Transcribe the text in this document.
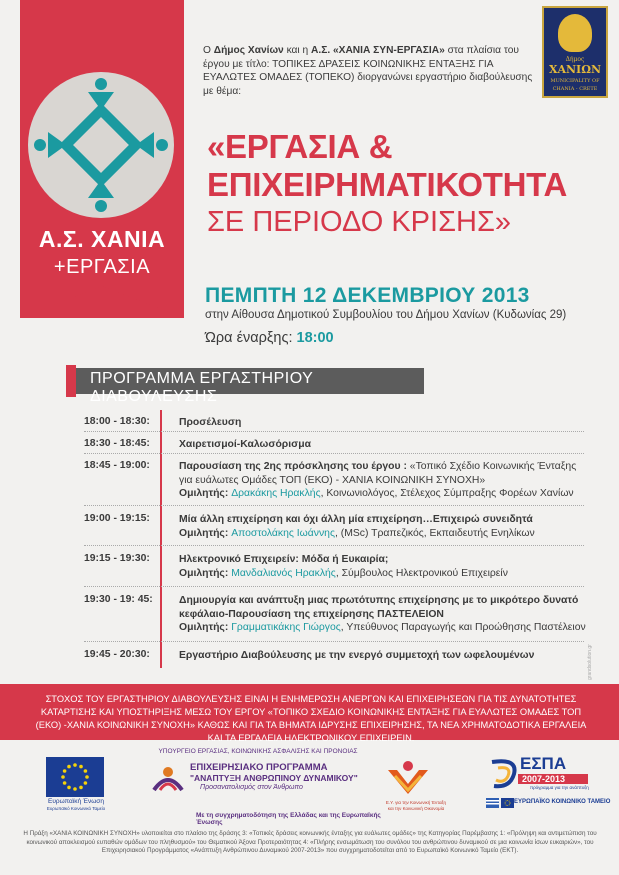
Α.Σ. ΧΑΝΙΑ
+ΕΡΓΑΣΙΑ
Δήμος
ΧΑΝΙΩΝ
MUNICIPALITY OF
CHANIA - CRETE
Ο Δήμος Χανίων και η Α.Σ. «ΧΑΝΙΑ ΣΥΝ-ΕΡΓΑΣΙΑ» στα πλαίσια του έργου με τίτλο: ΤΟΠΙΚΕΣ ΔΡΑΣΕΙΣ ΚΟΙΝΩΝΙΚΗΣ ΕΝΤΑΞΗΣ ΓΙΑ ΕΥΑΛΩΤΕΣ ΟΜΑΔΕΣ (ΤΟΠΕΚΟ) διοργανώνει εργαστήριο διαβούλευσης με θέμα:
«ΕΡΓΑΣΙΑ &
ΕΠΙΧΕΙΡΗΜΑΤΙΚΟΤΗΤΑ
ΣΕ ΠΕΡΙΟΔΟ ΚΡΙΣΗΣ»
ΠΕΜΠΤΗ 12 ΔΕΚΕΜΒΡΙΟΥ 2013
στην Αίθουσα Δημοτικού Συμβουλίου του Δήμου Χανίων (Κυδωνίας 29)
Ώρα έναρξης: 18:00
ΠΡΟΓΡΑΜΜΑ ΕΡΓΑΣΤΗΡΙΟΥ ΔΙΑΒΟΥΛΕΥΣΗΣ
18:00 - 18:30:	Προσέλευση
18:30 - 18:45:	Χαιρετισμοί-Καλωσόρισμα
18:45 - 19:00:	Παρουσίαση της 2ης πρόσκλησης του έργου : «Τοπικό Σχέδιο Κοινωνικής Ένταξης για ευάλωτες Ομάδες ΤΟΠ (ΕΚΟ) - ΧΑΝΙΑ ΚΟΙΝΩΝΙΚΗ ΣΥΝΟΧΗ»
Ομιλητής: Δρακάκης Ηρακλής, Κοινωνιολόγος, Στέλεχος Σύμπραξης Φορέων Χανίων
19:00 - 19:15:	Μία άλλη επιχείρηση και όχι άλλη μία επιχείρηση…Επιχειρώ συνειδητά
Ομιλητής: Αποστολάκης Ιωάννης, (MSc) Τραπεζικός, Εκπαιδευτής Ενηλίκων
19:15 - 19:30:	Ηλεκτρονικό Επιχειρείν: Μόδα ή Ευκαιρία;
Ομιλητής: Μανδαλιανός Ηρακλής, Σύμβουλος Ηλεκτρονικού Επιχειρείν
19:30 - 19: 45:	Δημιουργία και ανάπτυξη μιας πρωτότυπης επιχείρησης με το μικρότερο δυνατό κεφάλαιο-Παρουσίαση της επιχείρησης ΠΑΣΤΕΛΕΙΟΝ
Ομιλητής: Γραμματικάκης Γιώργος, Υπεύθυνος Παραγωγής και Προώθησης Παστέλειον
19:45 - 20:30:	Εργαστήριο Διαβούλευσης με την ενεργό συμμετοχή των ωφελουμένων	grandsolution.gr
ΣΤΟΧΟΣ ΤΟΥ ΕΡΓΑΣΤΗΡΙΟΥ ΔΙΑΒΟΥΛΕΥΣΗΣ ΕΙΝΑΙ Η ΕΝΗΜΕΡΩΣΗ ΑΝΕΡΓΩΝ ΚΑΙ ΕΠΙΧΕΙΡΗΣΕΩΝ ΓΙΑ ΤΙΣ ΔΥΝΑΤΟΤΗΤΕΣ ΚΑΤΑΡΤΙΣΗΣ ΚΑΙ ΥΠΟΣΤΗΡΙΞΗΣ ΜΕΣΩ ΤΟΥ ΕΡΓΟΥ «ΤΟΠΙΚΟ ΣΧΕΔΙΟ ΚΟΙΝΩΝΙΚΗΣ ΕΝΤΑΞΗΣ ΓΙΑ ΕΥΑΛΩΤΕΣ ΟΜΑΔΕΣ ΤΟΠ (ΕΚΟ) -ΧΑΝΙΑ ΚΟΙΝΩΝΙΚΗ ΣΥΝΟΧΗ» ΚΑΘΩΣ ΚΑΙ ΓΙΑ ΤΑ ΒΗΜΑΤΑ ΙΔΡΥΣΗΣ ΕΠΙΧΕΙΡΗΣΗΣ, ΤΑ ΝΕΑ ΧΡΗΜΑΤΟΔΟΤΙΚΑ ΕΡΓΑΛΕΙΑ ΚΑΙ ΤΑ ΕΡΓΑΛΕΙΑ ΗΛΕΚΤΡΟΝΙΚΟΥ ΕΠΙΧΕΙΡΕΙΝ.
Ευρωπαϊκή Ένωση
Ευρωπαϊκό Κοινωνικό Ταμείο
ΥΠΟΥΡΓΕΙΟ ΕΡΓΑΣΙΑΣ, ΚΟΙΝΩΝΙΚΗΣ ΑΣΦΑΛΙΣΗΣ ΚΑΙ ΠΡΟΝΟΙΑΣ
ΕΠΙΧΕΙΡΗΣΙΑΚΟ ΠΡΟΓΡΑΜΜΑ
"ΑΝΑΠΤΥΞΗ ΑΝΘΡΩΠΙΝΟΥ ΔΥΝΑΜΙΚΟΥ"
Προσανατολισμός στον Άνθρωπο
Με τη συγχρηματοδότηση της Ελλάδας και της Ευρωπαϊκής Ένωσης
Ε.Υ. για την Κοινωνική Ένταξη
και την Κοινωνική Οικονομία
ΕΣΠΑ
2007-2013
πρόγραμμα για την ανάπτυξη
ΕΥΡΩΠΑΪΚΟ ΚΟΙΝΩΝΙΚΟ ΤΑΜΕΙΟ
Η Πράξη «ΧΑΝΙΑ ΚΟΙΝΩΝΙΚΗ ΣΥΝΟΧΗ» υλοποιείται στο πλαίσιο της δράσης 3: «Τοπικές δράσεις κοινωνικής ένταξης για ευάλωτες ομάδες» της Κατηγορίας Παρέμβασης 1: «Πρόληψη και αντιμετώπιση του κοινωνικού αποκλεισμού ευπαθών ομάδων του πληθυσμού» του Θεματικού Άξονα Προτεραιότητας 4: «Πλήρης ενσωμάτωση του συνόλου του ανθρώπινου δυναμικού σε μια κοινωνία ίσων ευκαιριών», του Επιχειρησιακού Προγράμματος «Ανάπτυξη Ανθρώπινου Δυναμικού 2007-2013» που συγχρηματοδοτείται από το Ευρωπαϊκό Κοινωνικό Ταμείο (ΕΚΤ).
